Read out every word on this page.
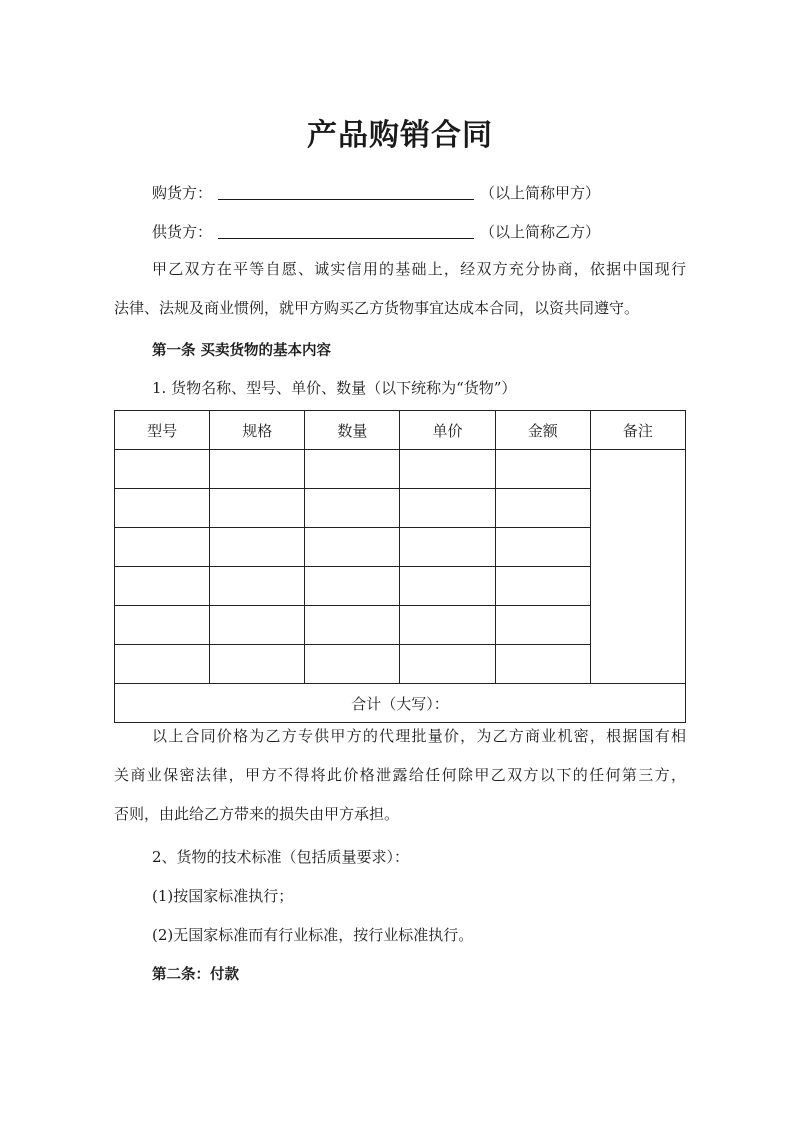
产品购销合同
购货方：	（以上简称甲方）
供货方：	（以上简称乙方）

甲乙双方在平等自愿、诚实信用的基础上，经双方充分协商，依据中国现行

法律、法规及商业惯例，就甲方购买乙方货物事宜达成本合同，以资共同遵守。

第一条 买卖货物的基本内容
1. 货物名称、型号、单价、数量（以下统称为“货物”）
型号	规格	数量	单价	金额	备注

合计（大写）：					

以上合同价格为乙方专供甲方的代理批量价，为乙方商业机密，根据国有相

关商业保密法律，甲方不得将此价格泄露给任何除甲乙双方以下的任何第三方，

否则，由此给乙方带来的损失由甲方承担。

2、货物的技术标准（包括质量要求）：
(1)按国家标准执行；
(2)无国家标准而有行业标准，按行业标准执行。
第二条：付款
